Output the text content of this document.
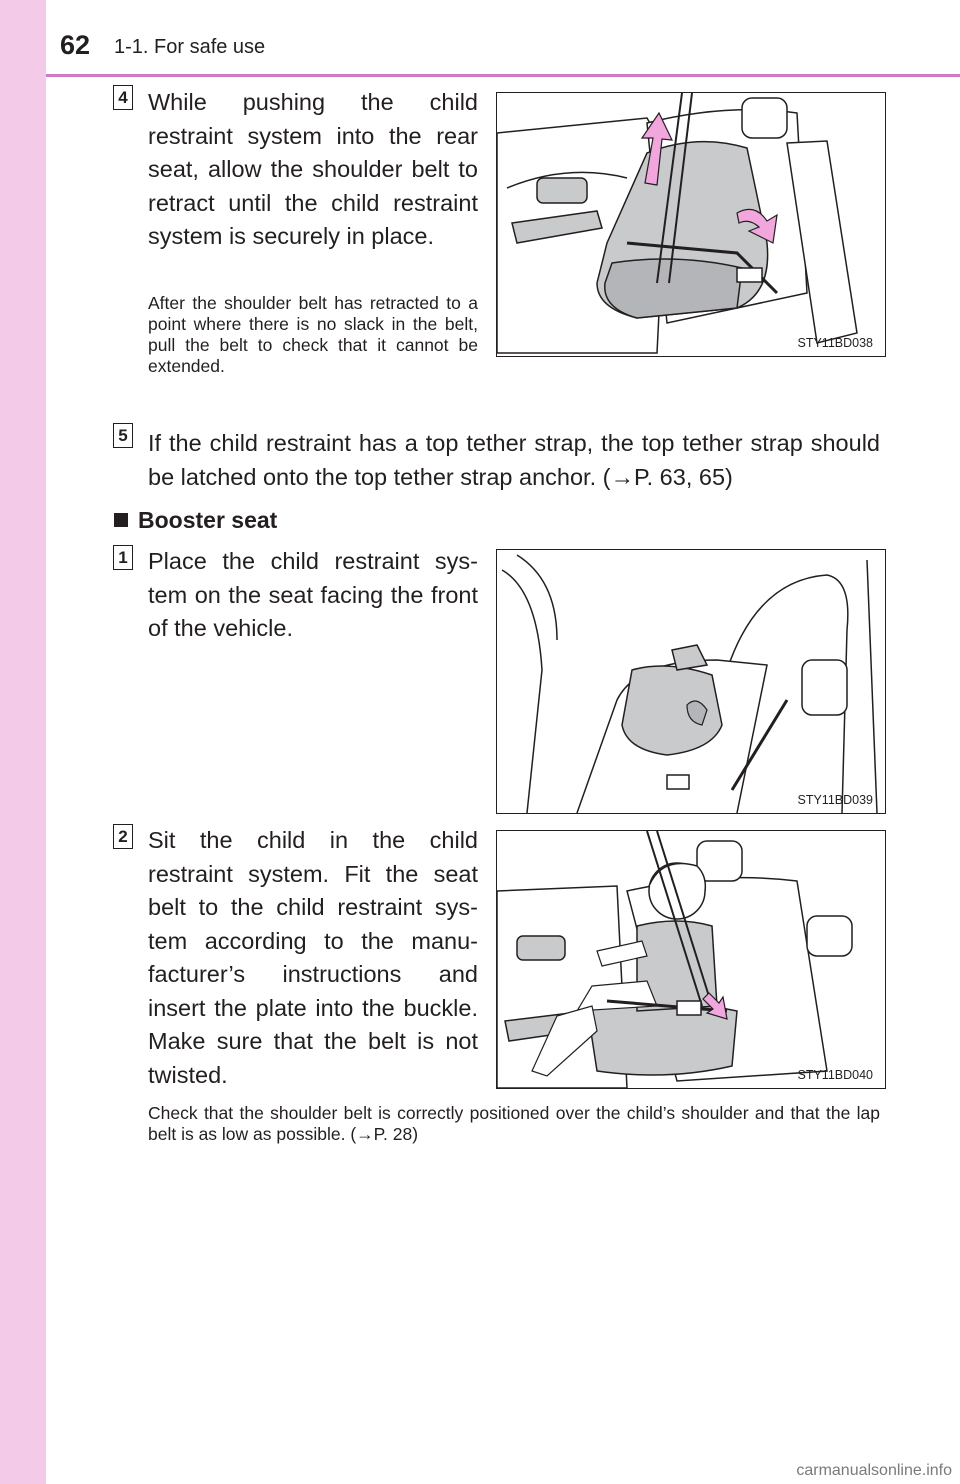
62 1-1. For safe use
4 While pushing the child restraint system into the rear seat, allow the shoulder belt to retract until the child restraint system is securely in place.
After the shoulder belt has retracted to a point where there is no slack in the belt, pull the belt to check that it cannot be extended.
STY11BD038
5 If the child restraint has a top tether strap, the top tether strap should be latched onto the top tether strap anchor. (→P. 63, 65)
Booster seat
1 Place the child restraint sys-tem on the seat facing the front of the vehicle.
STY11BD039
2 Sit the child in the child restraint system. Fit the seat belt to the child restraint sys-tem according to the manu-facturer’s instructions and insert the plate into the buckle. Make sure that the belt is not twisted.	STY11BD040
Check that the shoulder belt is correctly positioned over the child’s shoulder and that the lap belt is as low as possible. (→P. 28)
carmanualsonline.info
